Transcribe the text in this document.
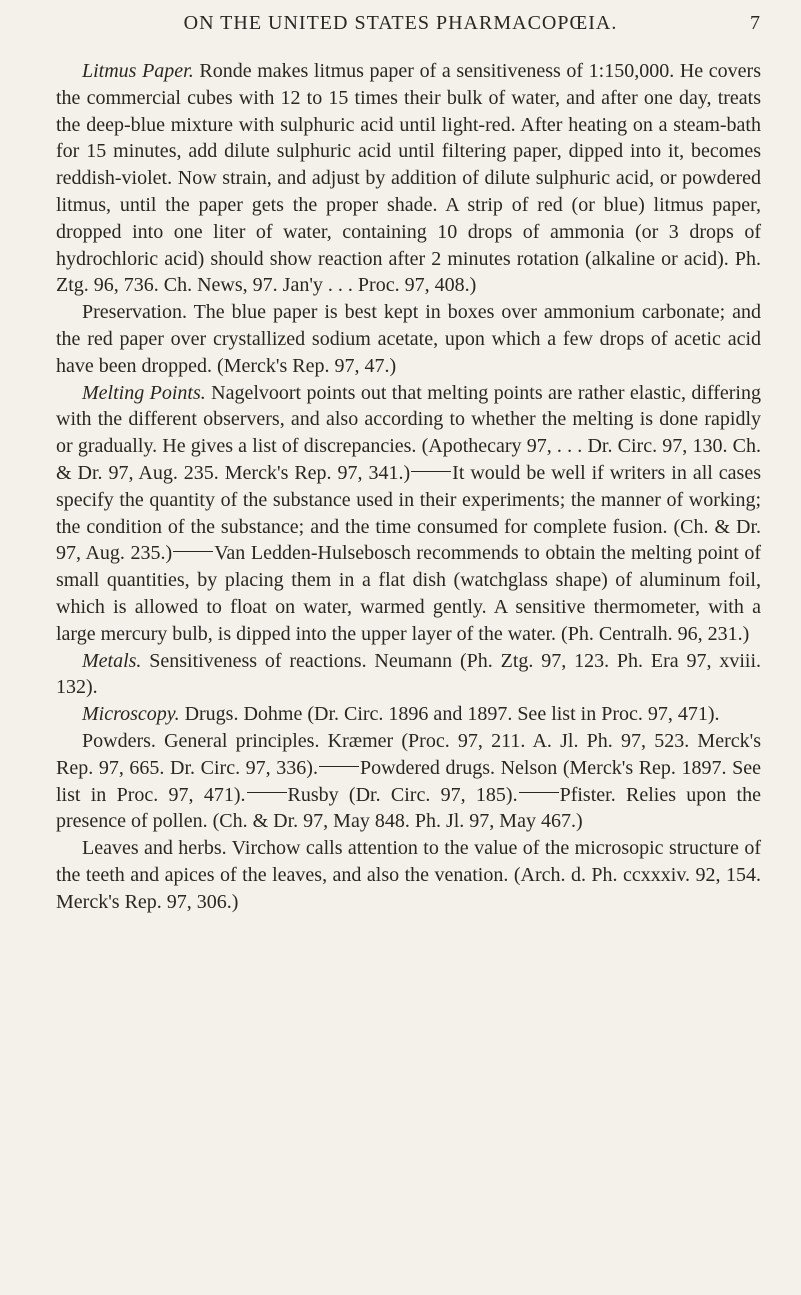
ON THE UNITED STATES PHARMACOPŒIA.	7

Litmus Paper. Ronde makes litmus paper of a sensitiveness of 1:150,000. He covers the commercial cubes with 12 to 15 times their bulk of water, and after one day, treats the deep-blue mixture with sulphuric acid until light-red. After heating on a steam-bath for 15 minutes, add dilute sulphuric acid until filtering paper, dipped into it, becomes reddish-violet. Now strain, and adjust by addition of dilute sulphuric acid, or powdered litmus, until the paper gets the proper shade. A strip of red (or blue) litmus paper, dropped into one liter of water, containing 10 drops of ammonia (or 3 drops of hydrochloric acid) should show reaction after 2 minutes rotation (alkaline or acid). Ph. Ztg. 96, 736. Ch. News, 97. Jan'y . . . Proc. 97, 408.)

Preservation. The blue paper is best kept in boxes over ammonium carbonate; and the red paper over crystallized sodium acetate, upon which a few drops of acetic acid have been dropped. (Merck's Rep. 97, 47.)

Melting Points. Nagelvoort points out that melting points are rather elastic, differing with the different observers, and also according to whether the melting is done rapidly or gradually. He gives a list of discrepancies. (Apothecary 97, . . . Dr. Circ. 97, 130. Ch. & Dr. 97, Aug. 235. Merck's Rep. 97, 341.) It would be well if writers in all cases specify the quantity of the substance used in their experiments; the manner of working; the condition of the substance; and the time consumed for complete fusion. (Ch. & Dr. 97, Aug. 235.) Van Ledden-Hulsebosch recommends to obtain the melting point of small quantities, by placing them in a flat dish (watchglass shape) of aluminum foil, which is allowed to float on water, warmed gently. A sensitive thermometer, with a large mercury bulb, is dipped into the upper layer of the water. (Ph. Centralh. 96, 231.)

Metals. Sensitiveness of reactions. Neumann (Ph. Ztg. 97, 123. Ph. Era 97, xviii. 132).

Microscopy. Drugs. Dohme (Dr. Circ. 1896 and 1897. See list in Proc. 97, 471).

Powders. General principles. Kræmer (Proc. 97, 211. A. Jl. Ph. 97, 523. Merck's Rep. 97, 665. Dr. Circ. 97, 336). Powdered drugs. Nelson (Merck's Rep. 1897. See list in Proc. 97, 471). Rusby (Dr. Circ. 97, 185). Pfister. Relies upon the presence of pollen. (Ch. & Dr. 97, May 848. Ph. Jl. 97, May 467.)

Leaves and herbs. Virchow calls attention to the value of the microsopic structure of the teeth and apices of the leaves, and also the venation. (Arch. d. Ph. ccxxxiv. 92, 154. Merck's Rep. 97, 306.)
